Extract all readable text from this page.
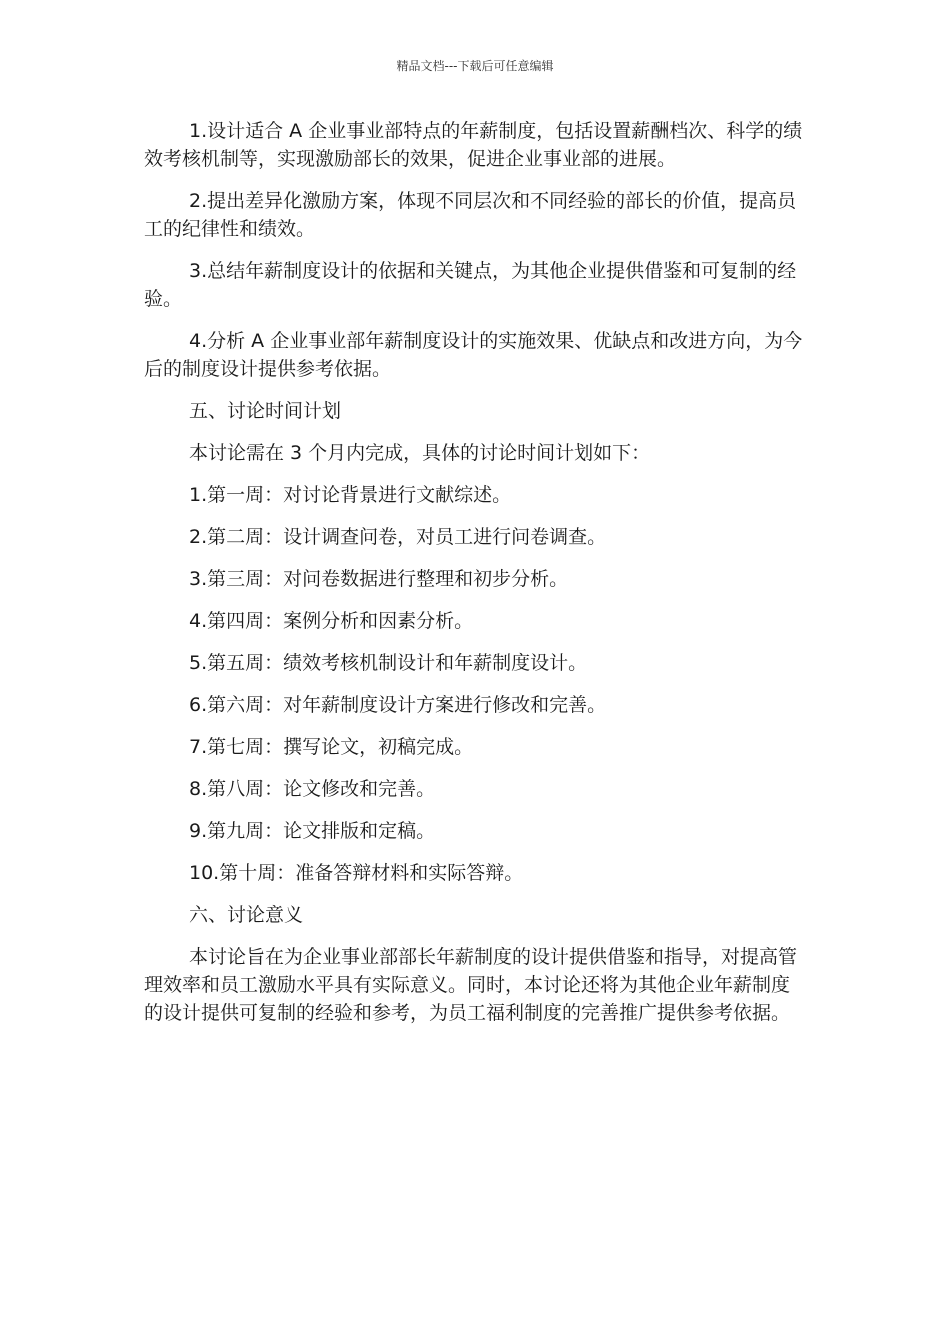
精品文档---下载后可任意编辑

1.设计适合 A 企业事业部特点的年薪制度，包括设置薪酬档次、科学的绩效考核机制等，实现激励部长的效果，促进企业事业部的进展。

2.提出差异化激励方案，体现不同层次和不同经验的部长的价值，提高员工的纪律性和绩效。

3.总结年薪制度设计的依据和关键点，为其他企业提供借鉴和可复制的经验。

4.分析 A 企业事业部年薪制度设计的实施效果、优缺点和改进方向，为今后的制度设计提供参考依据。

五、讨论时间计划
本讨论需在 3 个月内完成，具体的讨论时间计划如下：
1.第一周：对讨论背景进行文献综述。
2.第二周：设计调查问卷，对员工进行问卷调查。
3.第三周：对问卷数据进行整理和初步分析。
4.第四周：案例分析和因素分析。
5.第五周：绩效考核机制设计和年薪制度设计。
6.第六周：对年薪制度设计方案进行修改和完善。
7.第七周：撰写论文，初稿完成。
8.第八周：论文修改和完善。
9.第九周：论文排版和定稿。
10.第十周：准备答辩材料和实际答辩。
六、讨论意义

本讨论旨在为企业事业部部长年薪制度的设计提供借鉴和指导，对提高管理效率和员工激励水平具有实际意义。同时，本讨论还将为其他企业年薪制度的设计提供可复制的经验和参考，为员工福利制度的完善推广提供参考依据。
